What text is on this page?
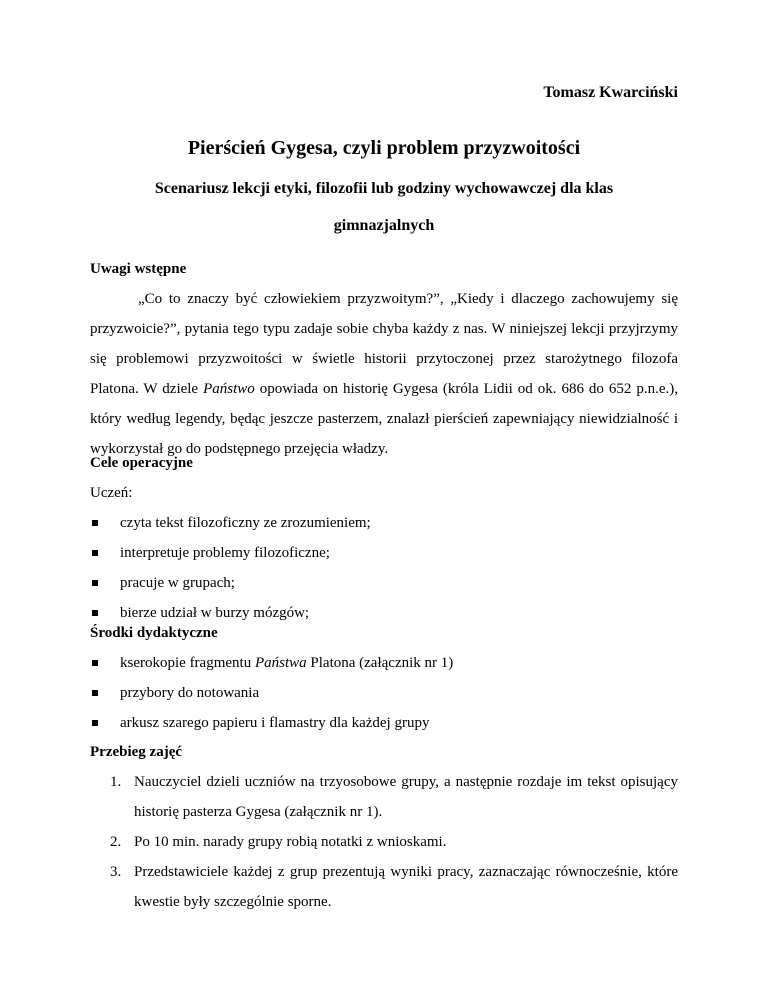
Tomasz Kwarciński
Pierścień Gygesa, czyli problem przyzwoitości
Scenariusz lekcji etyki, filozofii lub godziny wychowawczej dla klas
gimnazjalnych
Uwagi wstępne

„Co to znaczy być człowiekiem przyzwoitym?”, „Kiedy i dlaczego zachowujemy się przyzwoicie?”, pytania tego typu zadaje sobie chyba każdy z nas. W niniejszej lekcji przyjrzymy się problemowi przyzwoitości w świetle historii przytoczonej przez starożytnego filozofa Platona. W dziele Państwo opowiada on historię Gygesa (króla Lidii od ok. 686 do 652 p.n.e.), który według legendy, będąc jeszcze pasterzem, znalazł pierścień zapewniający niewidzialność i wykorzystał go do podstępnego przejęcia władzy.

Cele operacyjne
Uczeń:
czyta tekst filozoficzny ze zrozumieniem;
interpretuje problemy filozoficzne;
pracuje w grupach;
bierze udział w burzy mózgów;
Środki dydaktyczne
kserokopie fragmentu Państwa Platona (załącznik nr 1)
przybory do notowania
arkusz szarego papieru i flamastry dla każdej grupy
Przebieg zajęć
1. Nauczyciel dzieli uczniów na trzyosobowe grupy, a następnie rozdaje im tekst opisujący historię pasterza Gygesa (załącznik nr 1).
2. Po 10 min. narady grupy robią notatki z wnioskami.
3. Przedstawiciele każdej z grup prezentują wyniki pracy, zaznaczając równocześnie, które kwestie były szczególnie sporne.
